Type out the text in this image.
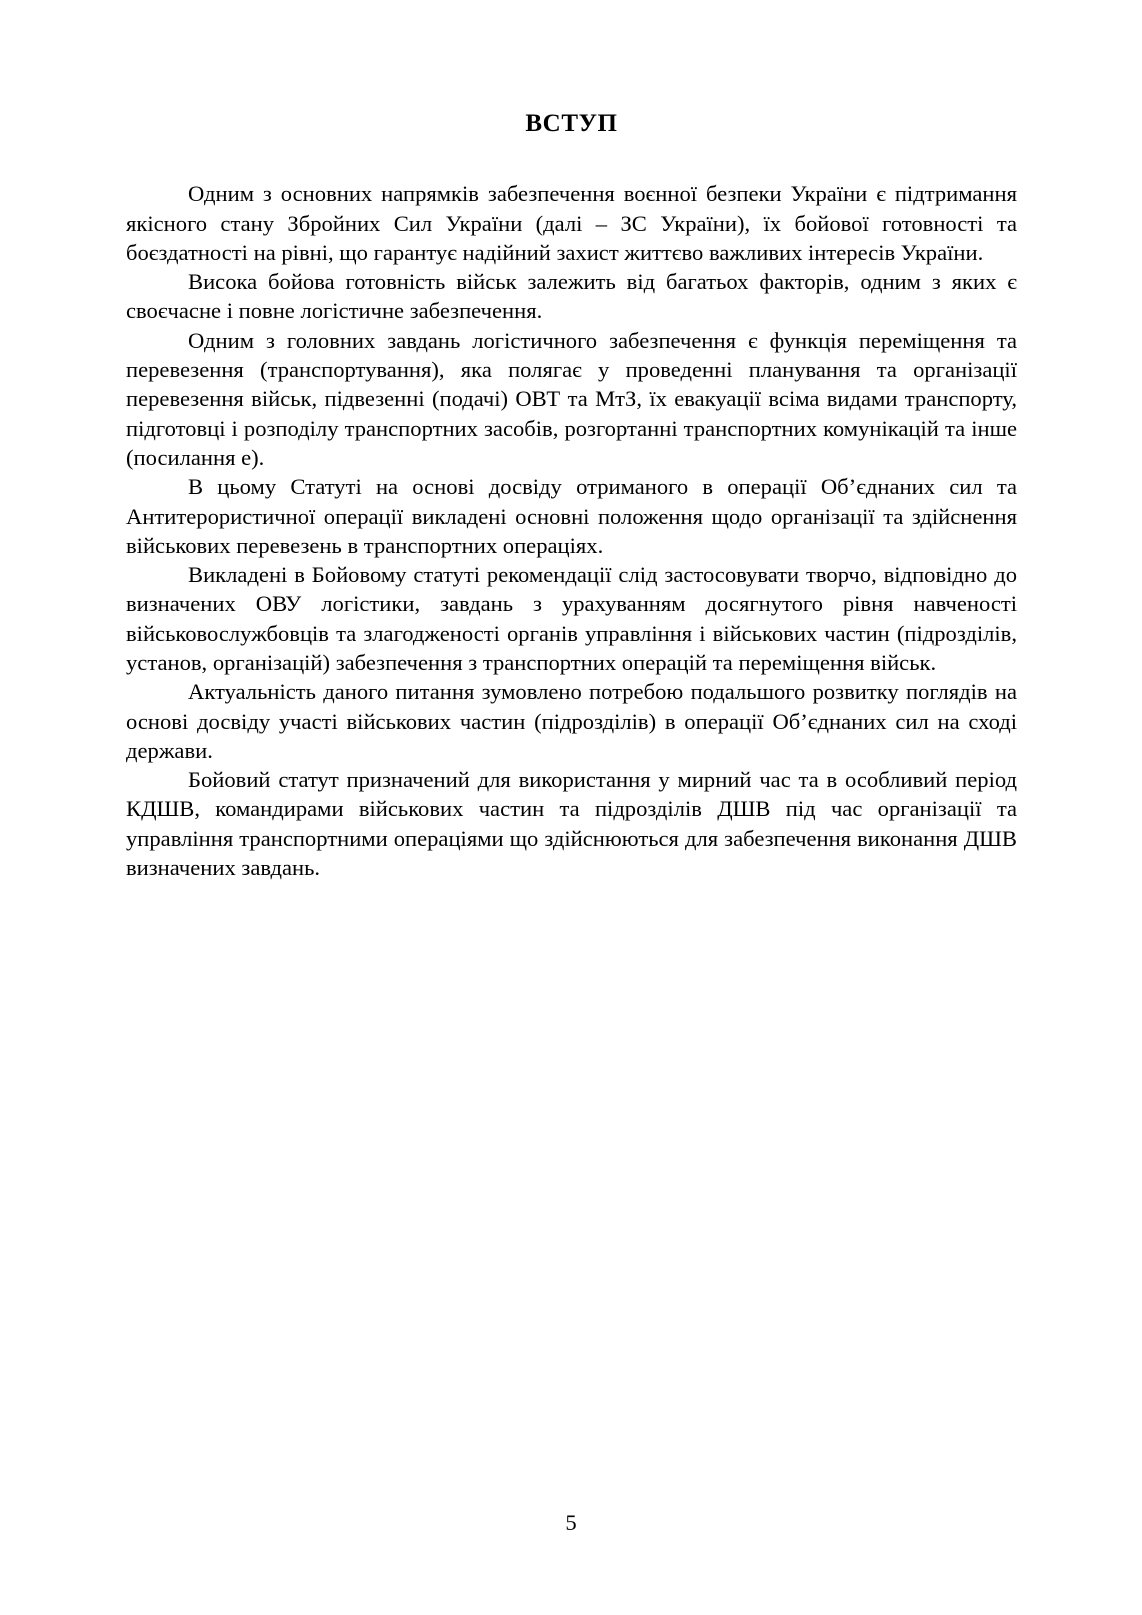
ВСТУП

Одним з основних напрямків забезпечення воєнної безпеки України є підтримання якісного стану Збройних Сил України (далі – ЗС України), їх бойової готовності та боєздатності на рівні, що гарантує надійний захист життєво важливих інтересів України.

Висока бойова готовність військ залежить від багатьох факторів, одним з яких є своєчасне і повне логістичне забезпечення.

Одним з головних завдань логістичного забезпечення є функція переміщення та перевезення (транспортування), яка полягає у проведенні планування та організації перевезення військ, підвезенні (подачі) ОВТ та МтЗ, їх евакуації всіма видами транспорту, підготовці і розподілу транспортних засобів, розгортанні транспортних комунікацій та інше (посилання е).

В цьому Статуті на основі досвіду отриманого в операції Об’єднаних сил та Антитерористичної операції викладені основні положення щодо організації та здійснення військових перевезень в транспортних операціях.

Викладені в Бойовому статуті рекомендації слід застосовувати творчо, відповідно до визначених ОВУ логістики, завдань з урахуванням досягнутого рівня навченості військовослужбовців та злагодженості органів управління і військових частин (підрозділів, установ, організацій) забезпечення з транспортних операцій та переміщення військ.

Актуальність даного питання зумовлено потребою подальшого розвитку поглядів на основі досвіду участі військових частин (підрозділів) в операції Об’єднаних сил на сході держави.

Бойовий статут призначений для використання у мирний час та в особливий період КДШВ, командирами військових частин та підрозділів ДШВ під час організації та управління транспортними операціями що здійснюються для забезпечення виконання ДШВ визначених завдань.

5
